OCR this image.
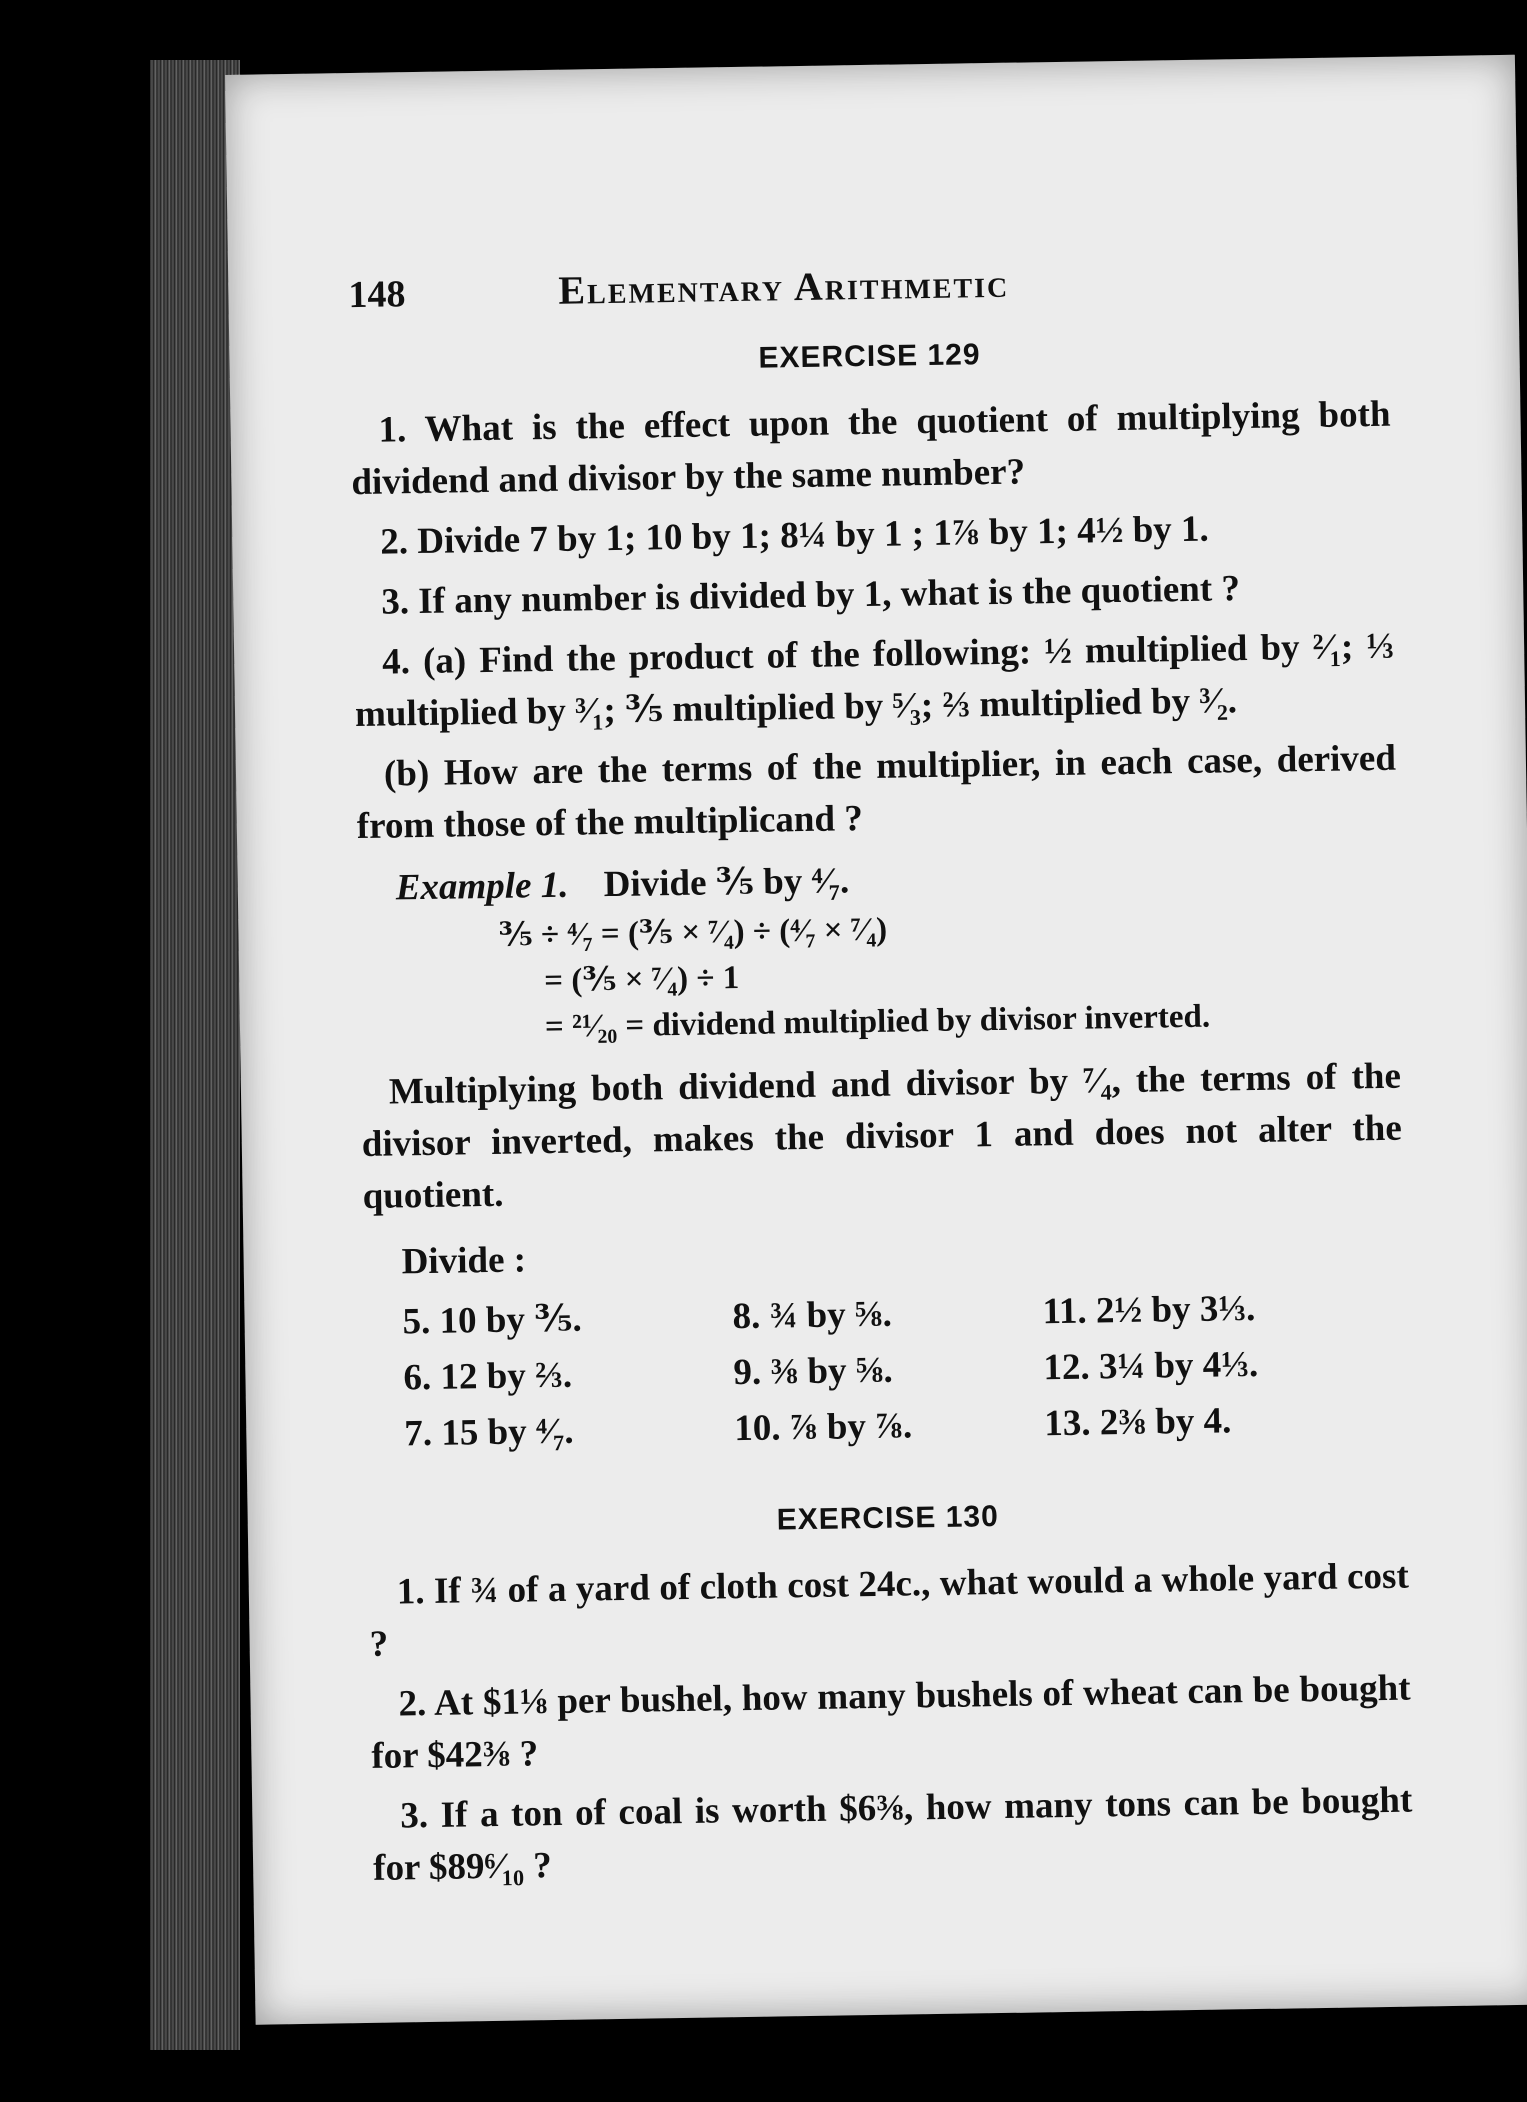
148	Elementary Arithmetic
EXERCISE 129

1. What is the effect upon the quotient of multiplying both dividend and divisor by the same number?

2. Divide 7 by 1; 10 by 1; 8¼ by 1 ; 1⅞ by 1; 4½ by 1.

3. If any number is divided by 1, what is the quotient ?

4. (a) Find the product of the following: ½ multiplied by ²⁄₁; ⅓ multiplied by ³⁄₁; ⅗ multiplied by ⁵⁄₃; ⅔ multiplied by ³⁄₂.

(b) How are the terms of the multiplier, in each case, derived from those of the multiplicand ?

Example 1. Divide ⅗ by ⁴⁄₇.
⅗ ÷ ⁴⁄₇ = (⅗ × ⁷⁄₄) ÷ (⁴⁄₇ × ⁷⁄₄)
= (⅗ × ⁷⁄₄) ÷ 1
= ²¹⁄₂₀ = dividend multiplied by divisor inverted.

Multiplying both dividend and divisor by ⁷⁄₄, the terms of the divisor inverted, makes the divisor 1 and does not alter the quotient.

Divide :
5. 10 by ⅗.	8. ¾ by ⅝.	11. 2½ by 3⅓.
6. 12 by ⅔.	9. ⅜ by ⅝.	12. 3¼ by 4⅓.
7. 15 by ⁴⁄₇.	10. ⅞ by ⅞.	13. 2⅜ by 4.
EXERCISE 130

1. If ¾ of a yard of cloth cost 24c., what would a whole yard cost ?

2. At $1⅛ per bushel, how many bushels of wheat can be bought for $42⅜ ?

3. If a ton of coal is worth $6⅜, how many tons can be bought for $89⁶⁄₁₀ ?
